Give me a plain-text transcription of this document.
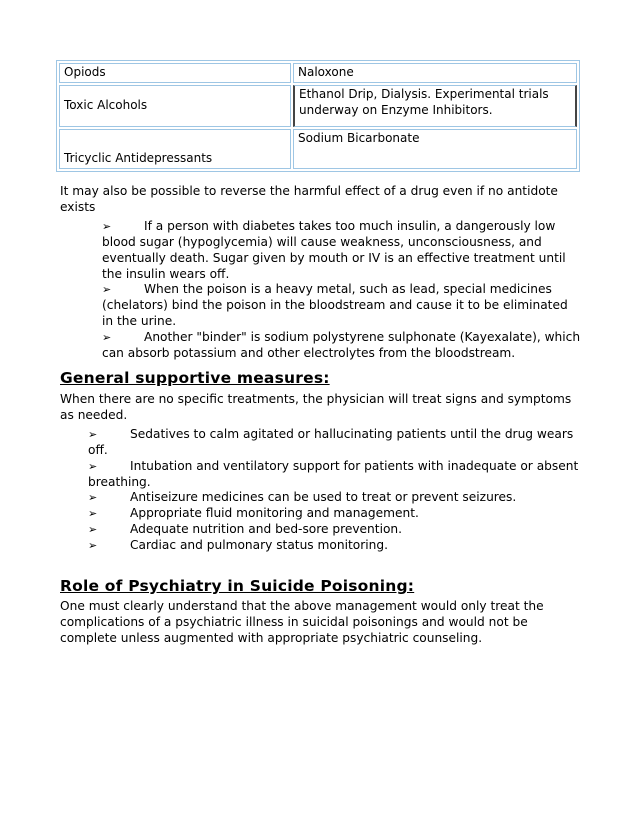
Opiods	Naloxone
Toxic Alcohols	Ethanol Drip, Dialysis. Experimental trials underway on Enzyme Inhibitors.
Tricyclic Antidepressants	Sodium Bicarbonate

It may also be possible to reverse the harmful effect of a drug even if no antidote exists

➢	If a person with diabetes takes too much insulin, a dangerously low blood sugar (hypoglycemia) will cause weakness, unconsciousness, and eventually death. Sugar given by mouth or IV is an effective treatment until the insulin wears off.
➢	When the poison is a heavy metal, such as lead, special medicines (chelators) bind the poison in the bloodstream and cause it to be eliminated in the urine.
➢	Another "binder" is sodium polystyrene sulphonate (Kayexalate), which can absorb potassium and other electrolytes from the bloodstream.
General supportive measures:

When there are no specific treatments, the physician will treat signs and symptoms as needed.

➢	Sedatives to calm agitated or hallucinating patients until the drug wears off.
➢	Intubation and ventilatory support for patients with inadequate or absent breathing.
➢	Antiseizure medicines can be used to treat or prevent seizures.
➢	Appropriate fluid monitoring and management.
➢	Adequate nutrition and bed-sore prevention.
➢	Cardiac and pulmonary status monitoring.
Role of Psychiatry in Suicide Poisoning:

One must clearly understand that the above management would only treat the complications of a psychiatric illness in suicidal poisonings and would not be complete unless augmented with appropriate psychiatric counseling.
